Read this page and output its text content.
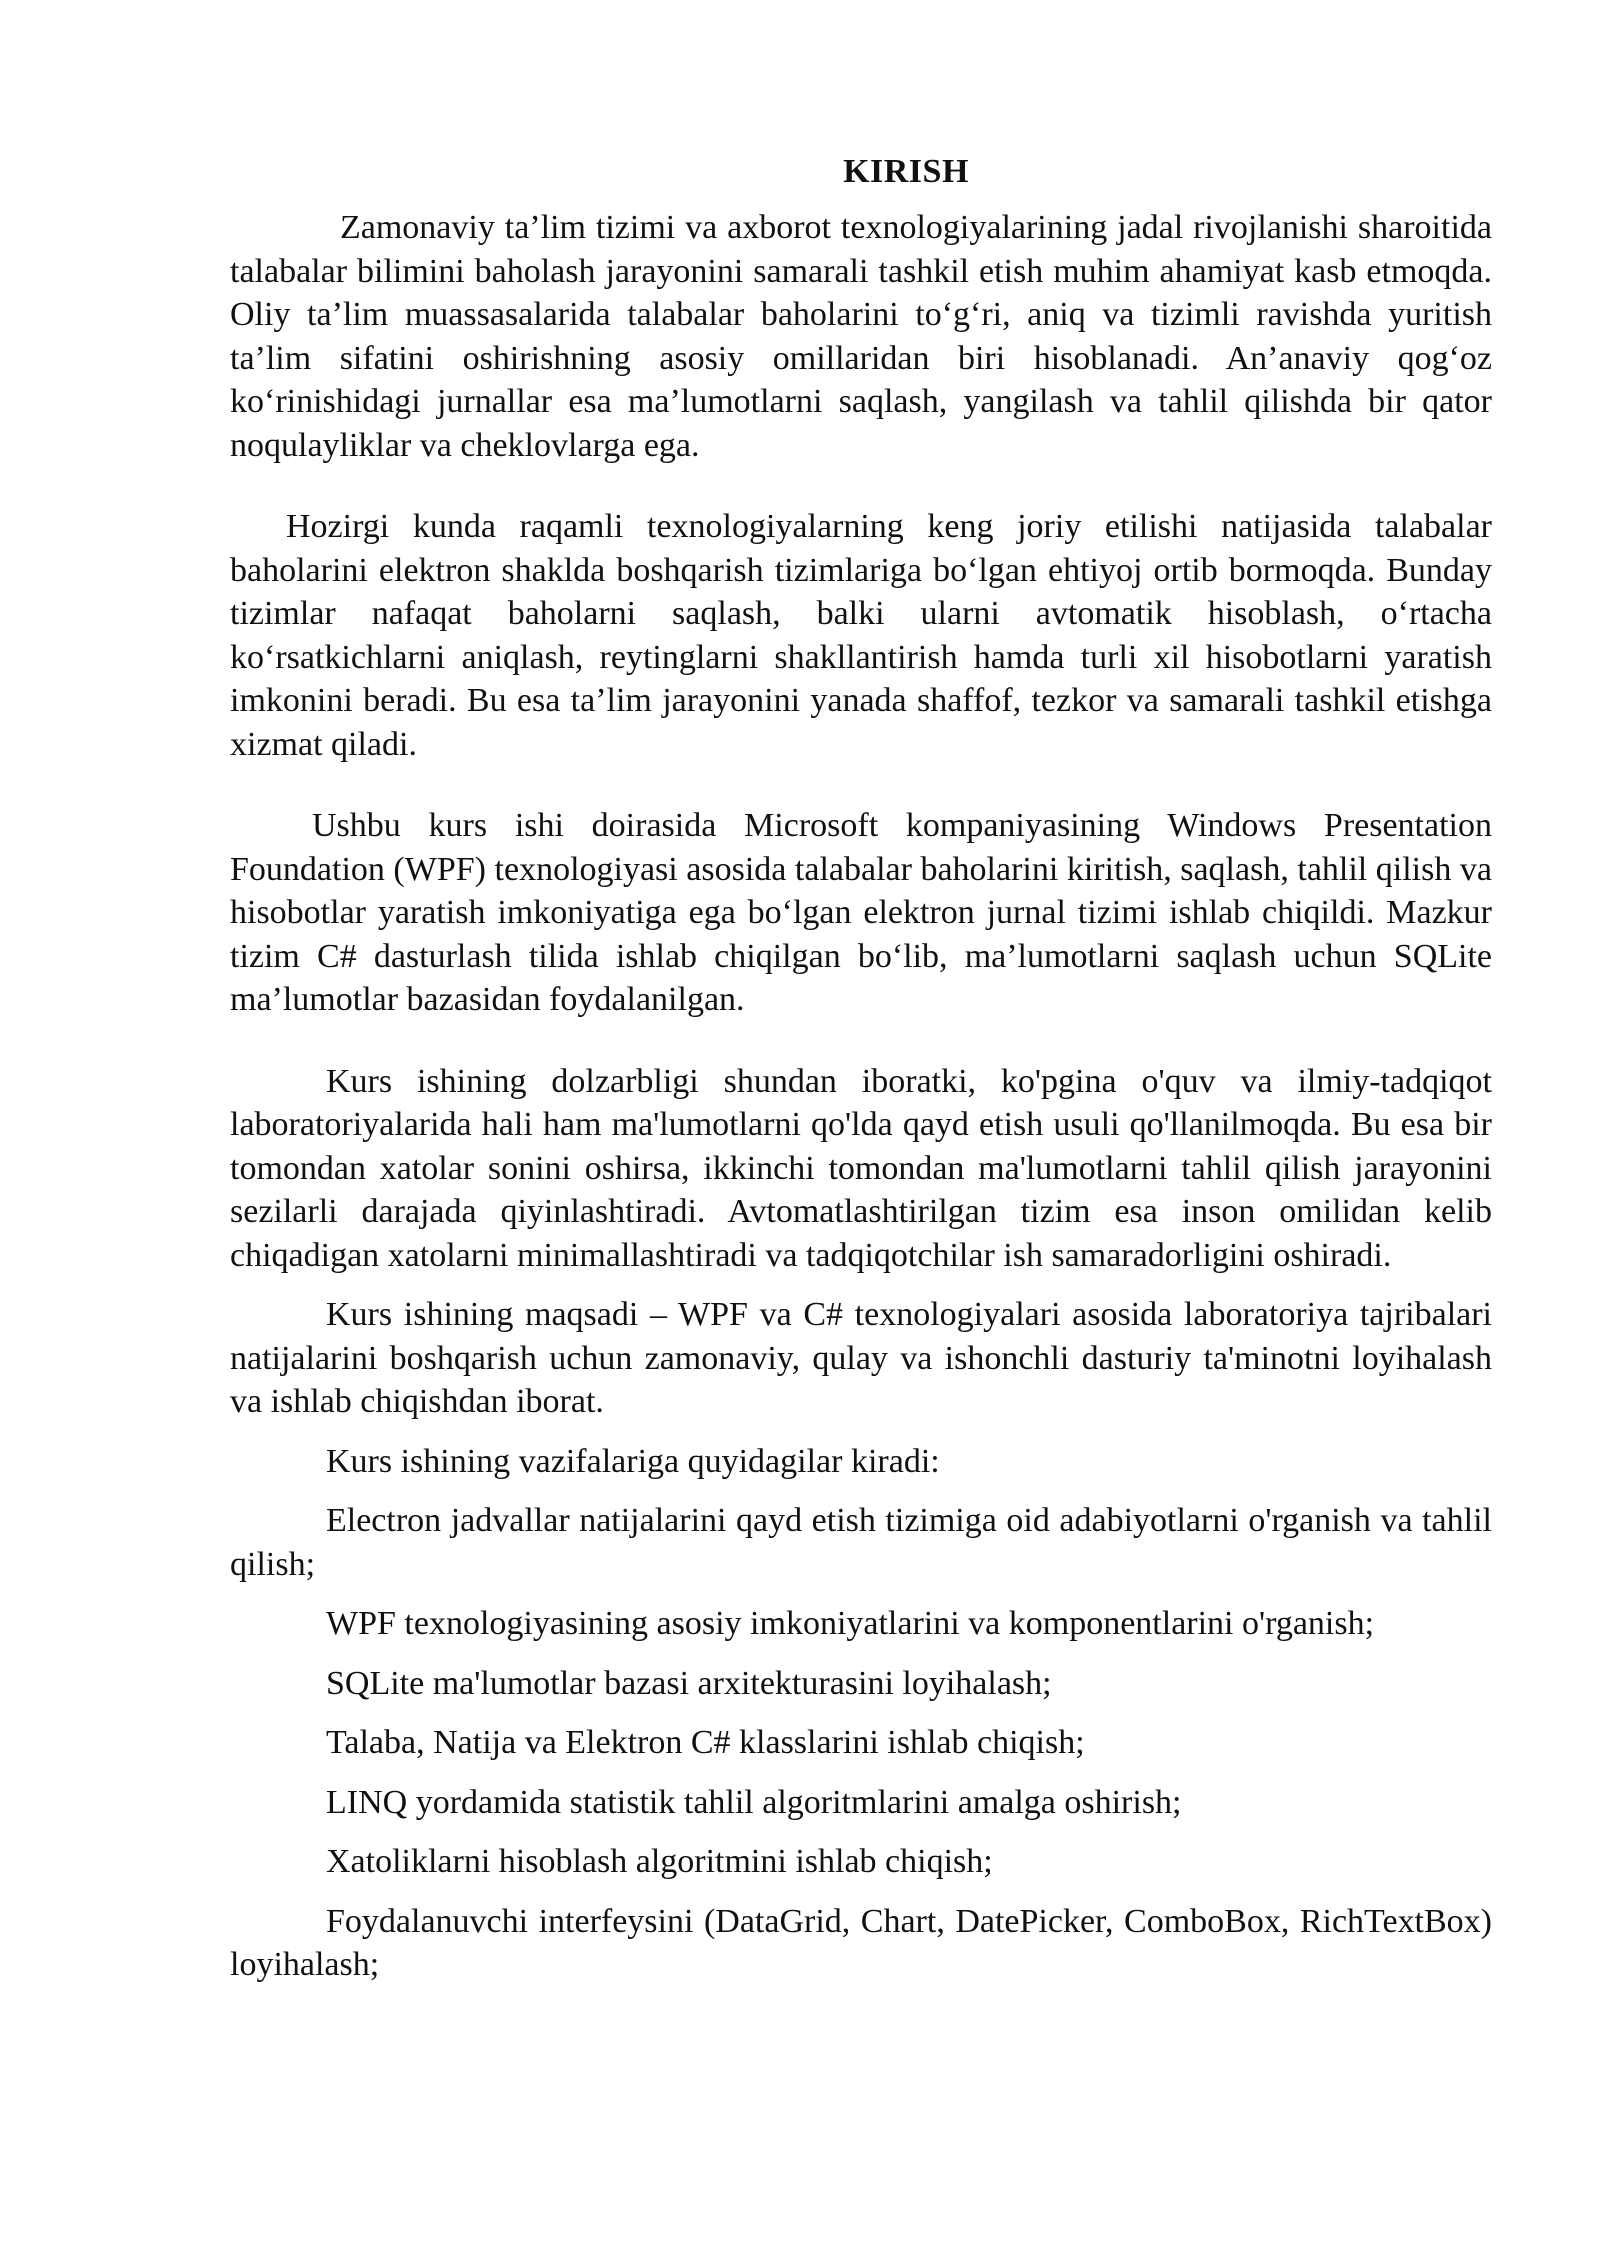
KIRISH

Zamonaviy ta’lim tizimi va axborot texnologiyalarining jadal rivojlanishi sharoitida talabalar bilimini baholash jarayonini samarali tashkil etish muhim ahamiyat kasb etmoqda. Oliy ta’lim muassasalarida talabalar baholarini to‘g‘ri, aniq va tizimli ravishda yuritish ta’lim sifatini oshirishning asosiy omillaridan biri hisoblanadi. An’anaviy qog‘oz ko‘rinishidagi jurnallar esa ma’lumotlarni saqlash, yangilash va tahlil qilishda bir qator noqulayliklar va cheklovlarga ega.

Hozirgi kunda raqamli texnologiyalarning keng joriy etilishi natijasida talabalar baholarini elektron shaklda boshqarish tizimlariga bo‘lgan ehtiyoj ortib bormoqda. Bunday tizimlar nafaqat baholarni saqlash, balki ularni avtomatik hisoblash, o‘rtacha ko‘rsatkichlarni aniqlash, reytinglarni shakllantirish hamda turli xil hisobotlarni yaratish imkonini beradi. Bu esa ta’lim jarayonini yanada shaffof, tezkor va samarali tashkil etishga xizmat qiladi.

Ushbu kurs ishi doirasida Microsoft kompaniyasining Windows Presentation Foundation (WPF) texnologiyasi asosida talabalar baholarini kiritish, saqlash, tahlil qilish va hisobotlar yaratish imkoniyatiga ega bo‘lgan elektron jurnal tizimi ishlab chiqildi. Mazkur tizim C# dasturlash tilida ishlab chiqilgan bo‘lib, ma’lumotlarni saqlash uchun SQLite ma’lumotlar bazasidan foydalanilgan.

Kurs ishining dolzarbligi shundan iboratki, ko'pgina o'quv va ilmiy-tadqiqot laboratoriyalarida hali ham ma'lumotlarni qo'lda qayd etish usuli qo'llanilmoqda. Bu esa bir tomondan xatolar sonini oshirsa, ikkinchi tomondan ma'lumotlarni tahlil qilish jarayonini sezilarli darajada qiyinlashtiradi. Avtomatlashtirilgan tizim esa inson omilidan kelib chiqadigan xatolarni minimallashtiradi va tadqiqotchilar ish samaradorligini oshiradi.

Kurs ishining maqsadi – WPF va C# texnologiyalari asosida laboratoriya tajribalari natijalarini boshqarish uchun zamonaviy, qulay va ishonchli dasturiy ta'minotni loyihalash va ishlab chiqishdan iborat.

Kurs ishining vazifalariga quyidagilar kiradi:

Electron jadvallar natijalarini qayd etish tizimiga oid adabiyotlarni o'rganish va tahlil qilish;

WPF texnologiyasining asosiy imkoniyatlarini va komponentlarini o'rganish;

SQLite ma'lumotlar bazasi arxitekturasini loyihalash;

Talaba, Natija va Elektron C# klasslarini ishlab chiqish;

LINQ yordamida statistik tahlil algoritmlarini amalga oshirish;

Xatoliklarni hisoblash algoritmini ishlab chiqish;

Foydalanuvchi interfeysini (DataGrid, Chart, DatePicker, ComboBox, RichTextBox) loyihalash;
